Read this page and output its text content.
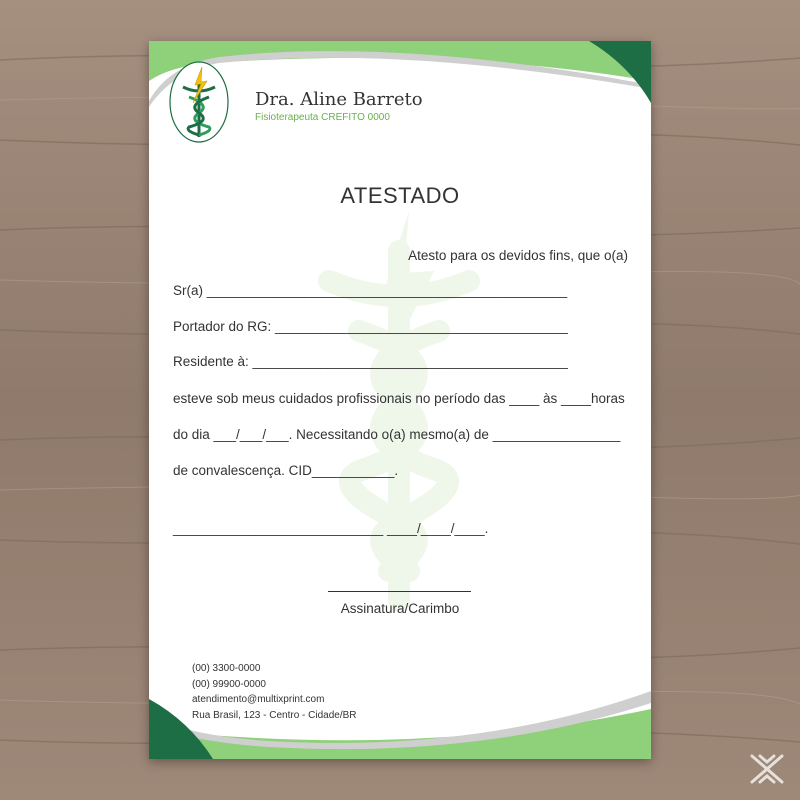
Dra. Aline Barreto
Fisioterapeuta CREFITO 0000
ATESTADO
Atesto para os devidos fins, que o(a)
Sr(a) ________________________________________________
Portador do RG: _______________________________________
Residente à: __________________________________________
esteve sob meus cuidados profissionais no período das ____ às ____horas
do dia ___/___/___. Necessitando o(a) mesmo(a) de _________________
de convalescença. CID___________.
____________________________ ____/____/____.
Assinatura/Carimbo
(00) 3300-0000
(00) 99900-0000
atendimento@multixprint.com
Rua Brasil, 123 - Centro - Cidade/BR
